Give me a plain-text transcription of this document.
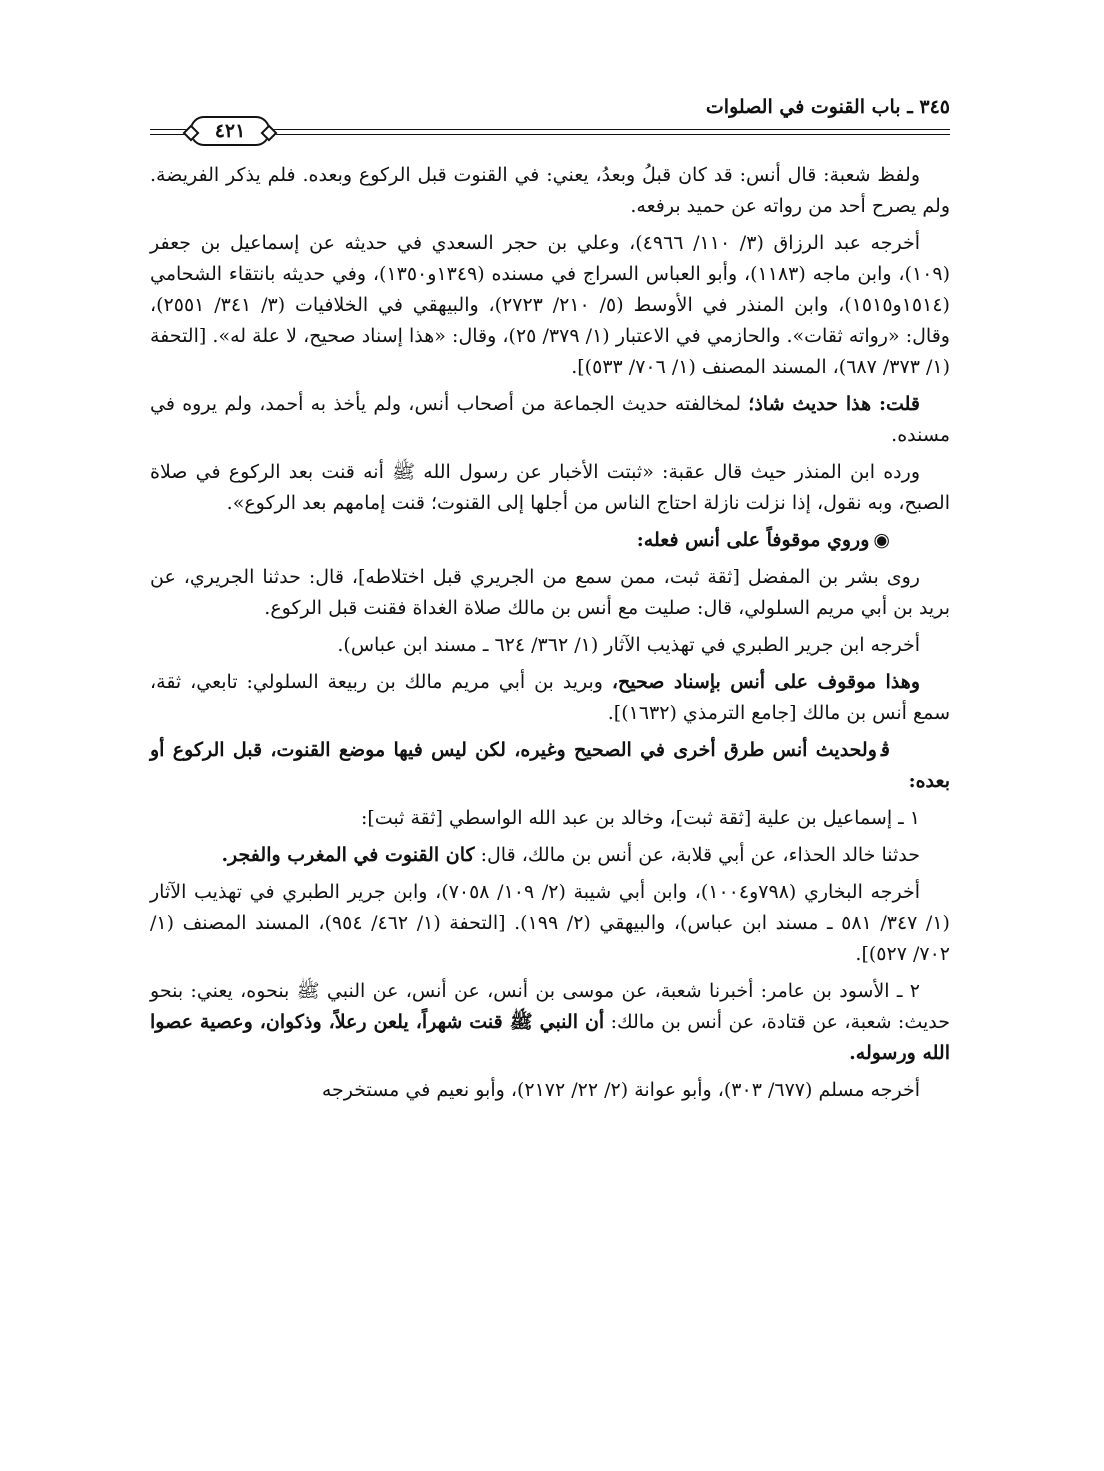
٣٤٥ ـ باب القنوت في الصلوات
٤٢١

ولفظ شعبة: قال أنس: قد كان قبلُ وبعدُ، يعني: في القنوت قبل الركوع وبعده. فلم يذكر الفريضة. ولم يصرح أحد من رواته عن حميد برفعه.

أخرجه عبد الرزاق (٣/ ١١٠/ ٤٩٦٦)، وعلي بن حجر السعدي في حديثه عن إسماعيل بن جعفر (١٠٩)، وابن ماجه (١١٨٣)، وأبو العباس السراج في مسنده (١٣٤٩و١٣٥٠)، وفي حديثه بانتقاء الشحامي (١٥١٤و١٥١٥)، وابن المنذر في الأوسط (٥/ ٢١٠/ ٢٧٢٣)، والبيهقي في الخلافيات (٣/ ٣٤١/ ٢٥٥١)، وقال: «رواته ثقات». والحازمي في الاعتبار (١/ ٣٧٩/ ٢٥)، وقال: «هذا إسناد صحيح، لا علة له». [التحفة (١/ ٣٧٣/ ٦٨٧)، المسند المصنف (١/ ٧٠٦/ ٥٣٣)].

قلت: هذا حديث شاذ؛ لمخالفته حديث الجماعة من أصحاب أنس، ولم يأخذ به أحمد، ولم يروه في مسنده.

ورده ابن المنذر حيث قال عقبة: «ثبتت الأخبار عن رسول الله ﷺ أنه قنت بعد الركوع في صلاة الصبح، وبه نقول، إذا نزلت نازلة احتاج الناس من أجلها إلى القنوت؛ قنت إمامهم بعد الركوع».

◉وروي موقوفاً على أنس فعله:

روى بشر بن المفضل [ثقة ثبت، ممن سمع من الجريري قبل اختلاطه]، قال: حدثنا الجريري، عن بريد بن أبي مريم السلولي، قال: صليت مع أنس بن مالك صلاة الغداة فقنت قبل الركوع.

أخرجه ابن جرير الطبري في تهذيب الآثار (١/ ٣٦٢/ ٦٢٤ ـ مسند ابن عباس).

وهذا موقوف على أنس بإسناد صحيح، وبريد بن أبي مريم مالك بن ربيعة السلولي: تابعي، ثقة، سمع أنس بن مالك [جامع الترمذي (١٦٣٢)].

ﭬولحديث أنس طرق أخرى في الصحيح وغيره، لكن ليس فيها موضع القنوت، قبل الركوع أو بعده:

١ ـ إسماعيل بن علية [ثقة ثبت]، وخالد بن عبد الله الواسطي [ثقة ثبت]:

حدثنا خالد الحذاء، عن أبي قلابة، عن أنس بن مالك، قال: كان القنوت في المغرب والفجر.

أخرجه البخاري (٧٩٨و١٠٠٤)، وابن أبي شيبة (٢/ ١٠٩/ ٧٠٥٨)، وابن جرير الطبري في تهذيب الآثار (١/ ٣٤٧/ ٥٨١ ـ مسند ابن عباس)، والبيهقي (٢/ ١٩٩). [التحفة (١/ ٤٦٢/ ٩٥٤)، المسند المصنف (١/ ٧٠٢/ ٥٢٧)].

٢ ـ الأسود بن عامر: أخبرنا شعبة، عن موسى بن أنس، عن أنس، عن النبي ﷺ بنحوه، يعني: بنحو حديث: شعبة، عن قتادة، عن أنس بن مالك: أن النبي ﷺ قنت شهراً، يلعن رعلاً، وذكوان، وعصية عصوا الله ورسوله.

أخرجه مسلم (٦٧٧/ ٣٠٣)، وأبو عوانة (٢/ ٢٢/ ٢١٧٢)، وأبو نعيم في مستخرجه
